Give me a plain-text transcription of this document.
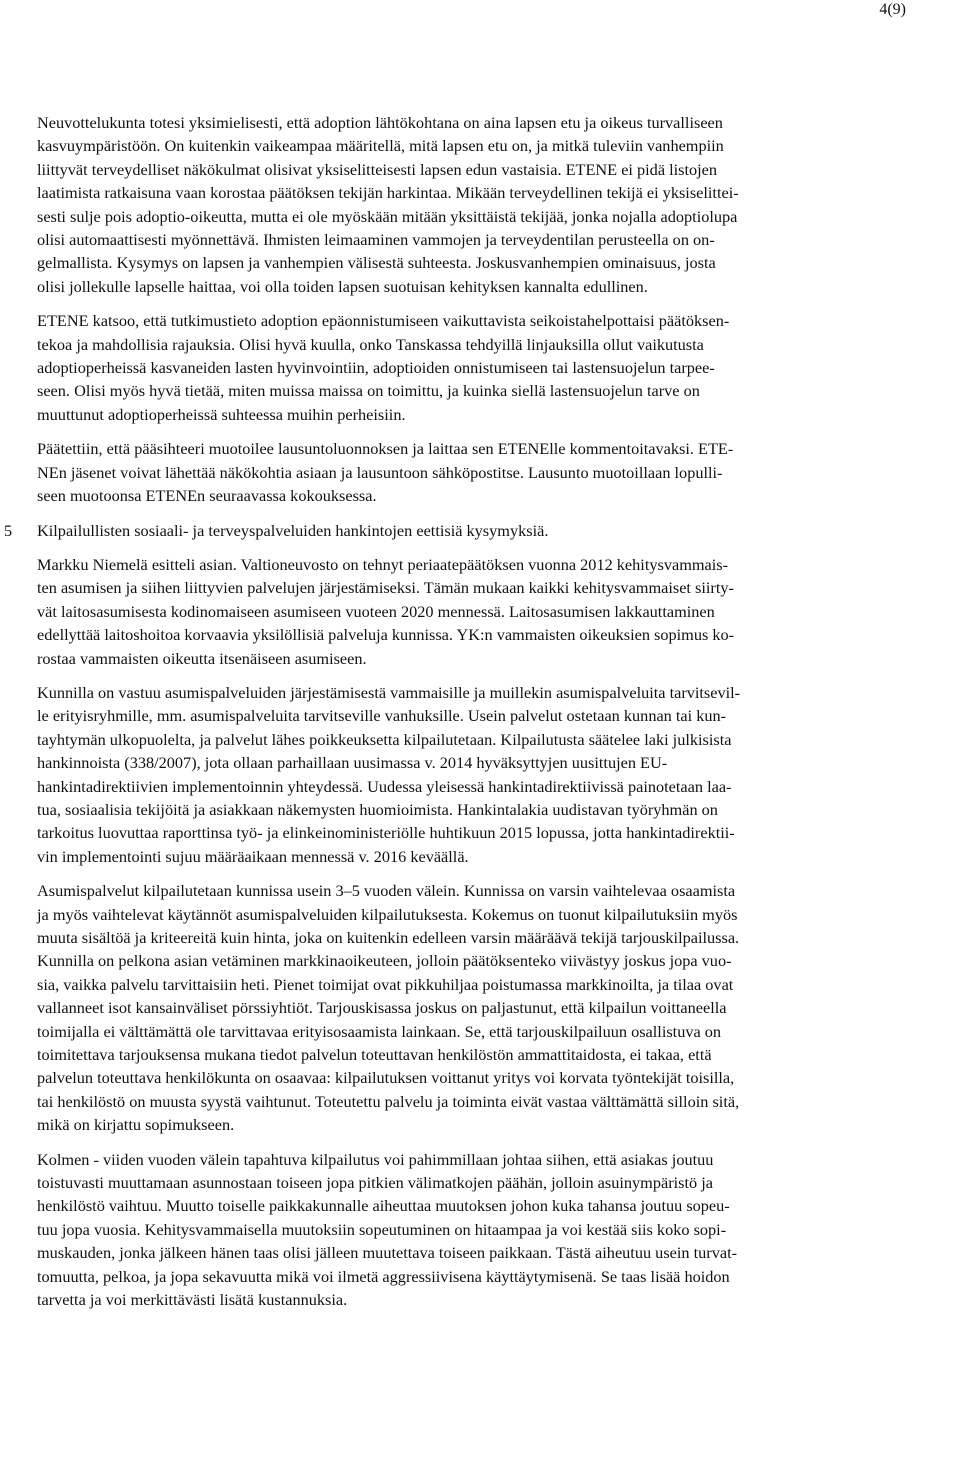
4(9)

Neuvottelukunta totesi yksimielisesti, että adoption lähtökohtana on aina lapsen etu ja oikeus turvalliseen
kasvuympäristöön. On kuitenkin vaikeampaa määritellä, mitä lapsen etu on, ja mitkä tuleviin vanhempiin
liittyvät terveydelliset näkökulmat olisivat yksiselitteisesti lapsen edun vastaisia. ETENE ei pidä listojen
laatimista ratkaisuna vaan korostaa päätöksen tekijän harkintaa. Mikään terveydellinen tekijä ei yksiselittei-
sesti sulje pois adoptio-oikeutta, mutta ei ole myöskään mitään yksittäistä tekijää, jonka nojalla adoptiolupa
olisi automaattisesti myönnettävä. Ihmisten leimaaminen vammojen ja terveydentilan perusteella on on-
gelmallista. Kysymys on lapsen ja vanhempien välisestä suhteesta. Joskusvanhempien ominaisuus, josta
olisi jollekulle lapselle haittaa, voi olla toiden lapsen suotuisan kehityksen kannalta edullinen.

ETENE katsoo, että tutkimustieto adoption epäonnistumiseen vaikuttavista seikoistahelpottaisi päätöksen-
tekoa ja mahdollisia rajauksia. Olisi hyvä kuulla, onko Tanskassa tehdyillä linjauksilla ollut vaikutusta
adoptioperheissä kasvaneiden lasten hyvinvointiin, adoptioiden onnistumiseen tai lastensuojelun tarpee-
seen. Olisi myös hyvä tietää, miten muissa maissa on toimittu, ja kuinka siellä lastensuojelun tarve on
muuttunut adoptioperheissä suhteessa muihin perheisiin.

Päätettiin, että pääsihteeri muotoilee lausuntoluonnoksen ja laittaa sen ETENElle kommentoitavaksi. ETE-
NEn jäsenet voivat lähettää näkökohtia asiaan ja lausuntoon sähköpostitse. Lausunto muotoillaan lopulli-
seen muotoonsa ETENEn seuraavassa kokouksessa.

5 Kilpailullisten sosiaali- ja terveyspalveluiden hankintojen eettisiä kysymyksiä.

Markku Niemelä esitteli asian. Valtioneuvosto on tehnyt periaatepäätöksen vuonna 2012 kehitysvammais-
ten asumisen ja siihen liittyvien palvelujen järjestämiseksi. Tämän mukaan kaikki kehitysvammaiset siirty-
vät laitosasumisesta kodinomaiseen asumiseen vuoteen 2020 mennessä. Laitosasumisen lakkauttaminen
edellyttää laitoshoitoa korvaavia yksilöllisiä palveluja kunnissa. YK:n vammaisten oikeuksien sopimus ko-
rostaa vammaisten oikeutta itsenäiseen asumiseen.

Kunnilla on vastuu asumispalveluiden järjestämisestä vammaisille ja muillekin asumispalveluita tarvitsevil-
le erityisryhmille, mm. asumispalveluita tarvitseville vanhuksille. Usein palvelut ostetaan kunnan tai kun-
tayhtymän ulkopuolelta, ja palvelut lähes poikkeuksetta kilpailutetaan. Kilpailutusta säätelee laki julkisista
hankinnoista (338/2007), jota ollaan parhaillaan uusimassa v. 2014 hyväksyttyjen uusittujen EU-
hankintadirektiivien implementoinnin yhteydessä. Uudessa yleisessä hankintadirektiivissä painotetaan laa-
tua, sosiaalisia tekijöitä ja asiakkaan näkemysten huomioimista. Hankintalakia uudistavan työryhmän on
tarkoitus luovuttaa raporttinsa työ- ja elinkeinoministeriölle huhtikuun 2015 lopussa, jotta hankintadirektii-
vin implementointi sujuu määräaikaan mennessä v. 2016 keväällä.

Asumispalvelut kilpailutetaan kunnissa usein 3–5 vuoden välein. Kunnissa on varsin vaihtelevaa osaamista
ja myös vaihtelevat käytännöt asumispalveluiden kilpailutuksesta. Kokemus on tuonut kilpailutuksiin myös
muuta sisältöä ja kriteereitä kuin hinta, joka on kuitenkin edelleen varsin määräävä tekijä tarjouskilpailussa.
Kunnilla on pelkona asian vetäminen markkinaoikeuteen, jolloin päätöksenteko viivästyy joskus jopa vuo-
sia, vaikka palvelu tarvittaisiin heti. Pienet toimijat ovat pikkuhiljaa poistumassa markkinoilta, ja tilaa ovat
vallanneet isot kansainväliset pörssiyhtiöt. Tarjouskisassa joskus on paljastunut, että kilpailun voittaneella
toimijalla ei välttämättä ole tarvittavaa erityisosaamista lainkaan. Se, että tarjouskilpailuun osallistuva on
toimitettava tarjouksensa mukana tiedot palvelun toteuttavan henkilöstön ammattitaidosta, ei takaa, että
palvelun toteuttava henkilökunta on osaavaa: kilpailutuksen voittanut yritys voi korvata työntekijät toisilla,
tai henkilöstö on muusta syystä vaihtunut. Toteutettu palvelu ja toiminta eivät vastaa välttämättä silloin sitä,
mikä on kirjattu sopimukseen.

Kolmen - viiden vuoden välein tapahtuva kilpailutus voi pahimmillaan johtaa siihen, että asiakas joutuu
toistuvasti muuttamaan asunnostaan toiseen jopa pitkien välimatkojen päähän, jolloin asuinympäristö ja
henkilöstö vaihtuu. Muutto toiselle paikkakunnalle aiheuttaa muutoksen johon kuka tahansa joutuu sopeu-
tuu jopa vuosia. Kehitysvammaisella muutoksiin sopeutuminen on hitaampaa ja voi kestää siis koko sopi-
muskauden, jonka jälkeen hänen taas olisi jälleen muutettava toiseen paikkaan. Tästä aiheutuu usein turvat-
tomuutta, pelkoa, ja jopa sekavuutta mikä voi ilmetä aggressiivisena käyttäytymisenä. Se taas lisää hoidon
tarvetta ja voi merkittävästi lisätä kustannuksia.
